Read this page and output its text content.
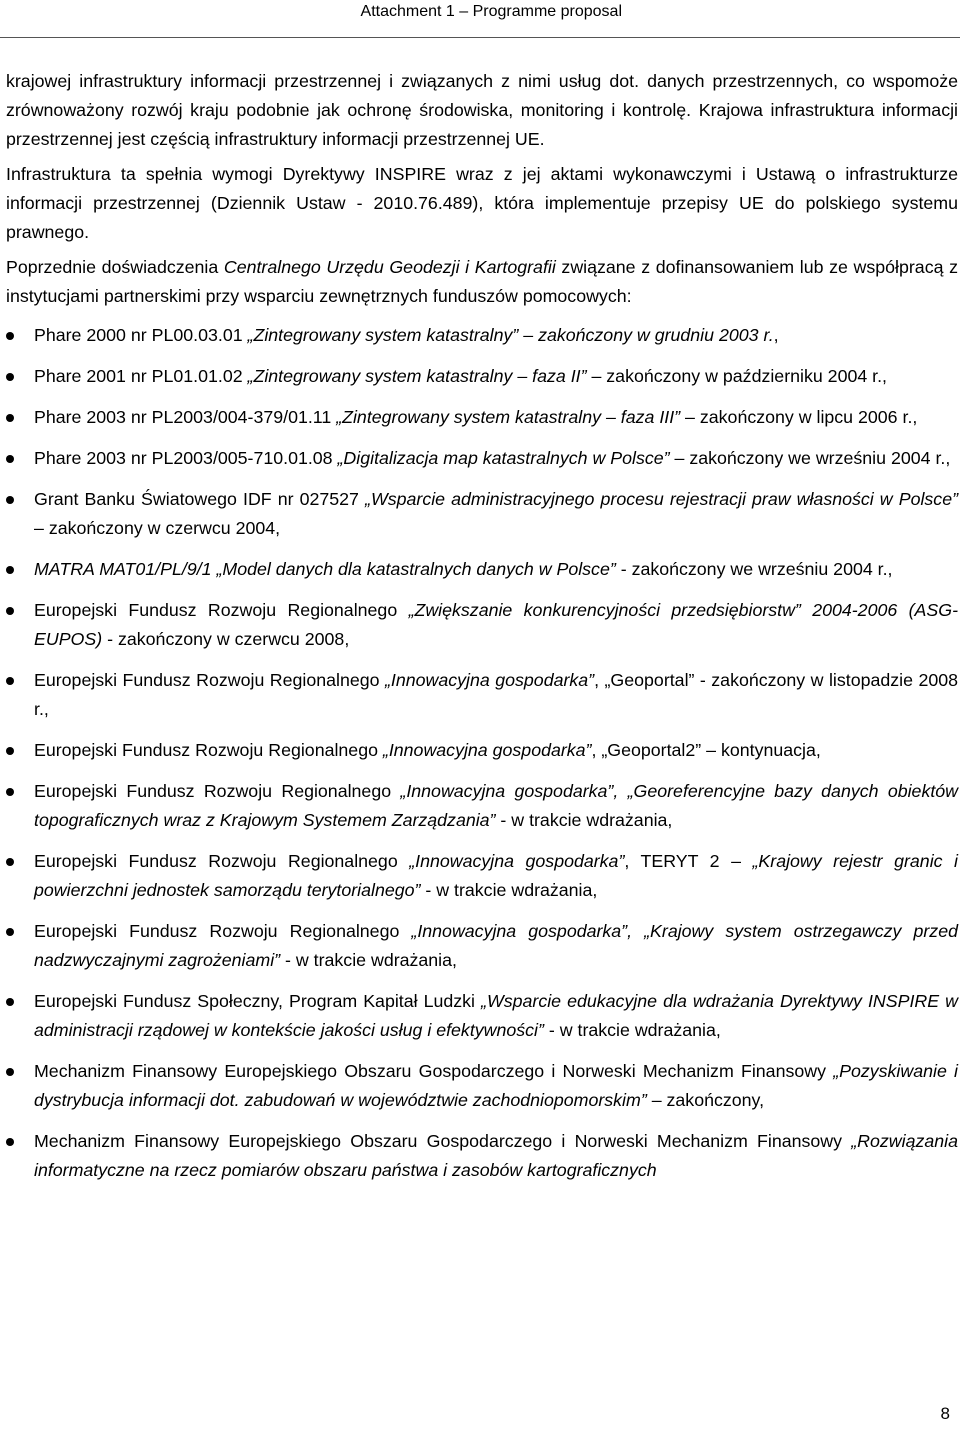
Attachment 1 – Programme proposal

krajowej infrastruktury informacji przestrzennej i związanych z nimi usług dot. danych przestrzennych, co wspomoże zrównoważony rozwój kraju podobnie jak ochronę środowiska, monitoring i kontrolę. Krajowa infrastruktura informacji przestrzennej jest częścią infrastruktury informacji przestrzennej UE.

Infrastruktura ta spełnia wymogi Dyrektywy INSPIRE wraz z jej aktami wykonawczymi i Ustawą o infrastrukturze informacji przestrzennej (Dziennik Ustaw - 2010.76.489), która implementuje przepisy UE do polskiego systemu prawnego.

Poprzednie doświadczenia Centralnego Urzędu Geodezji i Kartografii związane z dofinansowaniem lub ze współpracą z instytucjami partnerskimi przy wsparciu zewnętrznych funduszów pomocowych:

Phare 2000 nr PL00.03.01 „Zintegrowany system katastralny” – zakończony w grudniu 2003 r.,
Phare 2001 nr PL01.01.02 „Zintegrowany system katastralny – faza II” – zakończony w październiku 2004 r.,
Phare 2003 nr PL2003/004-379/01.11 „Zintegrowany system katastralny – faza III” – zakończony w lipcu 2006 r.,
Phare 2003 nr PL2003/005-710.01.08 „Digitalizacja map katastralnych w Polsce” – zakończony we wrześniu 2004 r.,
Grant Banku Światowego IDF nr 027527 „Wsparcie administracyjnego procesu rejestracji praw własności w Polsce” – zakończony w czerwcu 2004,
MATRA MAT01/PL/9/1 „Model danych dla katastralnych danych w Polsce” - zakończony we wrześniu 2004 r.,
Europejski Fundusz Rozwoju Regionalnego „Zwiększanie konkurencyjności przedsiębiorstw” 2004-2006 (ASG-EUPOS) - zakończony w czerwcu 2008,
Europejski Fundusz Rozwoju Regionalnego „Innowacyjna gospodarka”, „Geoportal” - zakończony w listopadzie 2008 r.,
Europejski Fundusz Rozwoju Regionalnego „Innowacyjna gospodarka”, „Geoportal2” – kontynuacja,
Europejski Fundusz Rozwoju Regionalnego „Innowacyjna gospodarka”, „Georeferencyjne bazy danych obiektów topograficznych wraz z Krajowym Systemem Zarządzania” - w trakcie wdrażania,
Europejski Fundusz Rozwoju Regionalnego „Innowacyjna gospodarka”, TERYT 2 – „Krajowy rejestr granic i powierzchni jednostek samorządu terytorialnego” - w trakcie wdrażania,
Europejski Fundusz Rozwoju Regionalnego „Innowacyjna gospodarka”, „Krajowy system ostrzegawczy przed nadzwyczajnymi zagrożeniami” - w trakcie wdrażania,
Europejski Fundusz Społeczny, Program Kapitał Ludzki „Wsparcie edukacyjne dla wdrażania Dyrektywy INSPIRE w administracji rządowej w kontekście jakości usług i efektywności” - w trakcie wdrażania,
Mechanizm Finansowy Europejskiego Obszaru Gospodarczego i Norweski Mechanizm Finansowy „Pozyskiwanie i dystrybucja informacji dot. zabudowań w województwie zachodniopomorskim” – zakończony,
Mechanizm Finansowy Europejskiego Obszaru Gospodarczego i Norweski Mechanizm Finansowy „Rozwiązania informatyczne na rzecz pomiarów obszaru państwa i zasobów kartograficznych
8
